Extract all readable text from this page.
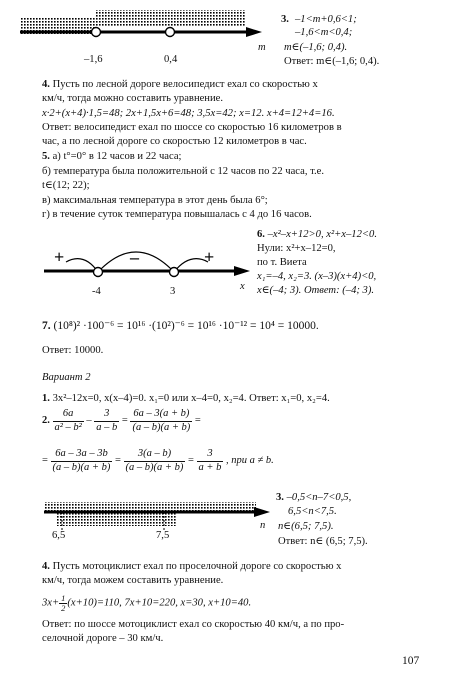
3. –1<m+0,6<1;
–1,6<m<0,4;
m∈(–1,6; 0,4).
Ответ: m∈(–1,6; 0,4).
–1,6	0,4
m
4. Пусть по лесной дороге велосипедист ехал со скоростью x
км/ч, тогда можно составить уравнение.
x·2+(x+4)·1,5=48; 2x+1,5x+6=48; 3,5x=42; x=12. x+4=12+4=16.
Ответ: велосипедист ехал по шоссе со скоростью 16 километров в
час, а по лесной дороге со скоростью 12 километров в час.
5. а) t°=0° в 12 часов и 22 часа;
б) температура была положительной с 12 часов по 22 часа, т.е.
t∈(12; 22);
в) максимальная температура в этот день была 6°;
г) в течение суток температура повышалась с 4 до 16 часов.
6. –x²–x+12>0, x²+x–12<0.
Нули: x²+x–12=0,
по т. Виета
x₁=–4, x₂=3. (x–3)(x+4)<0,
x∈(–4; 3). Ответ: (–4; 3).
+	–	+
-4	3	x
7. (10⁸)² ·100⁻⁶ = 10¹⁶ ·(10²)⁻⁶ = 10¹⁶ ·10⁻¹² = 10⁴ = 10000.
Ответ: 10000.
Вариант 2
1. 3x²–12x=0, x(x–4)=0. x₁=0 или x–4=0, x₂=4. Ответ: x₁=0, x₂=4.
2. $\frac{6a}{\text{a² – b²}} - \frac{3}{a - b} = \frac{6a - 3(a + b)}{(a - b)(a + b)}$ =
= $\frac{6a - 3a - 3b}{(a - b)(a + b)} = \frac{3(a - b)}{(a - b)(a + b)} = \frac{3}{a + b}$ , при a ≠ b.
3. –0,5<n–7<0,5,
6,5<n<7,5.
n∈(6,5; 7,5).
Ответ: n∈ (6,5; 7,5).
6,5	7,5
n
4. Пусть мотоциклист ехал по проселочной дороге со скоростью x
км/ч, тогда можем составить уравнение.
$3x+ \frac{1}{2} (x+10)=110$, 7x+10=220, x=30, x+10=40.
Ответ: по шоссе мотоциклист ехал со скоростью 40 км/ч, а по про-
селочной дороге – 30 км/ч.
107
